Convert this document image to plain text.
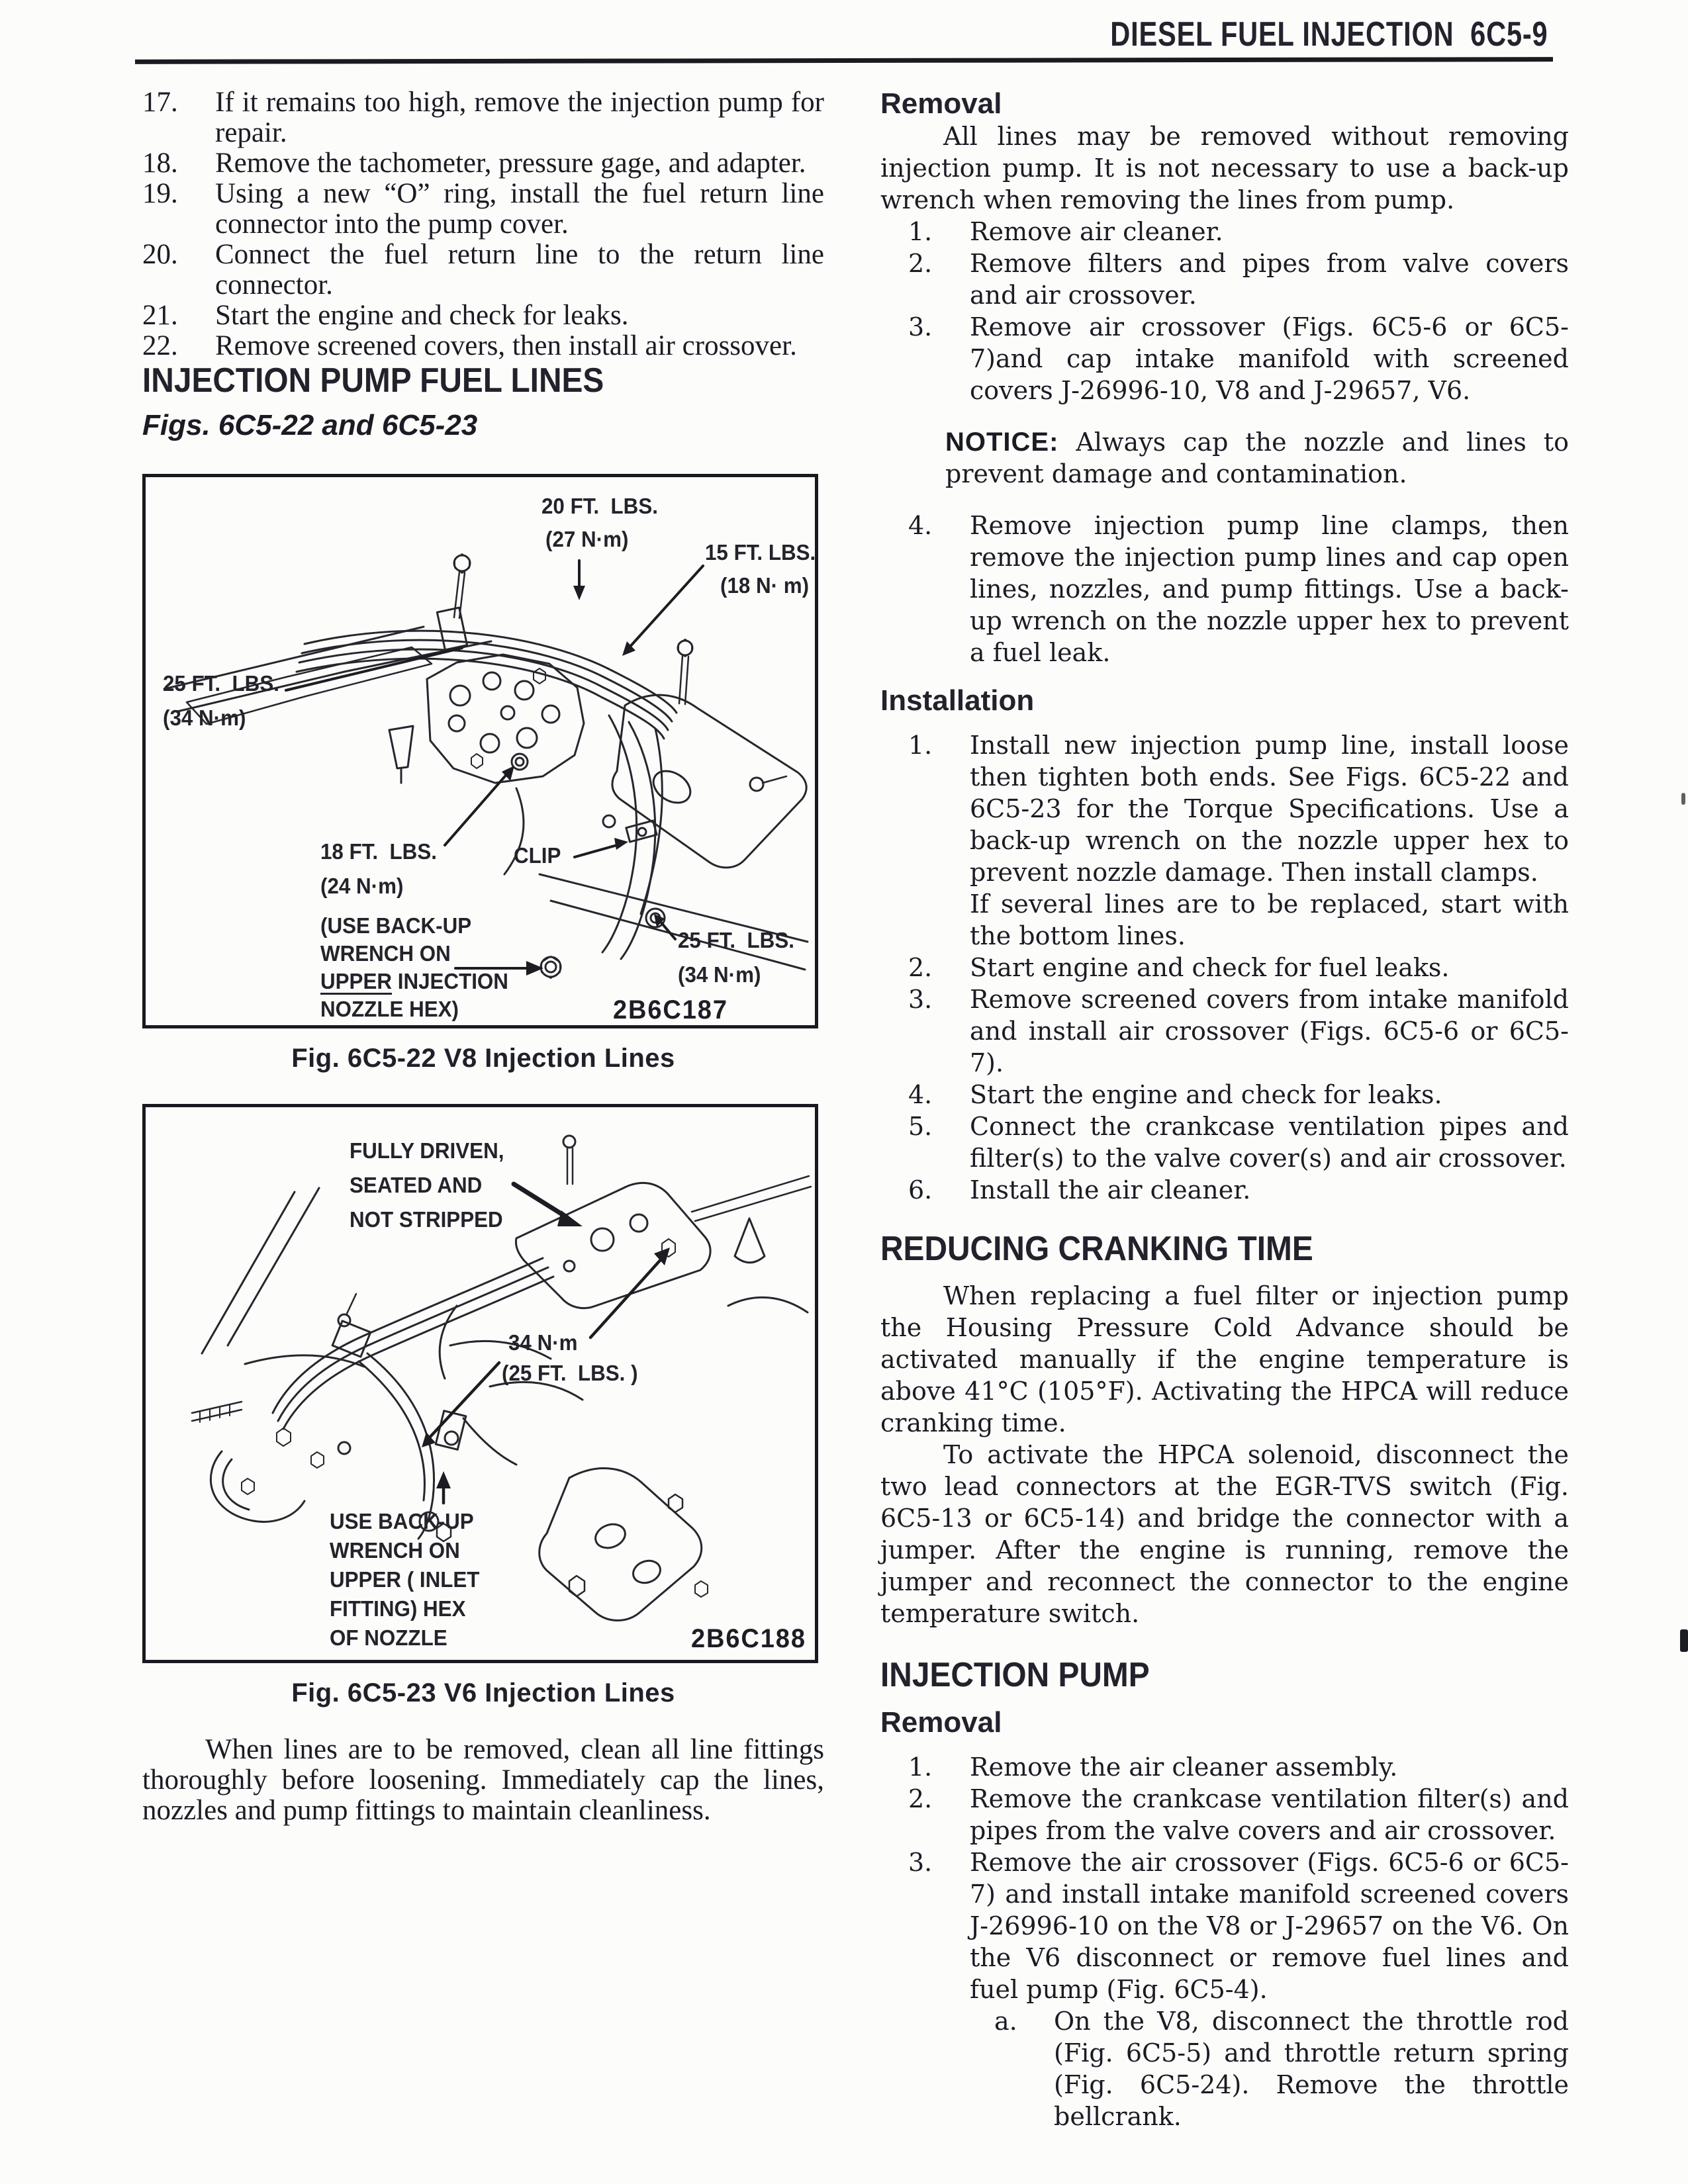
DIESEL FUEL INJECTION  6C5-9
17.	If it remains too high, remove the injection pump for repair.
18.	Remove the tachometer, pressure gage, and adapter.
19.	Using a new “O” ring, install the fuel return line connector into the pump cover.
20.	Connect the fuel return line to the return line connector.
21.	Start the engine and check for leaks.
22.	Remove screened covers, then install air crossover.
INJECTION PUMP FUEL LINES
Figs. 6C5-22 and 6C5-23
20 FT.  LBS.
(27 N·m)
15 FT. LBS.
(18 N· m)
25 FT.  LBS.
(34 N·m)
18 FT.  LBS.
(24 N·m)
CLIP
25 FT.  LBS.
(34 N·m)
(USE BACK-UP
WRENCH ON
UPPER INJECTION
NOZZLE HEX)	2B6C187
Fig. 6C5-22 V8 Injection Lines
FULLY DRIVEN,
SEATED AND
NOT STRIPPED
34 N·m
(25 FT.  LBS. )
USE BACK-UP
WRENCH ON
UPPER ( INLET
FITTING) HEX
OF NOZZLE	2B6C188
Fig. 6C5-23 V6 Injection Lines

When lines are to be removed, clean all line fittings thoroughly before loosening. Immediately cap the lines, nozzles and pump fittings to maintain cleanliness.

Removal

All lines may be removed without removing injection pump. It is not necessary to use a back-up wrench when removing the lines from pump.

1.	Remove air cleaner.
2.	Remove filters and pipes from valve covers and air crossover.
3.	Remove air crossover (Figs. 6C5-6 or 6C5-7)and cap intake manifold with screened covers J-26996-10, V8 and J-29657, V6.
NOTICE: Always cap the nozzle and lines to prevent damage and contamination.
4.	Remove injection pump line clamps, then remove the injection pump lines and cap open lines, nozzles, and pump fittings. Use a back-up wrench on the nozzle upper hex to prevent a fuel leak.
Installation
1.	Install new injection pump line, install loose then tighten both ends. See Figs. 6C5-22 and 6C5-23 for the Torque Specifications. Use a back-up wrench on the nozzle upper hex to prevent nozzle damage. Then install clamps.
If several lines are to be replaced, start with the bottom lines.
2.	Start engine and check for fuel leaks.
3.	Remove screened covers from intake manifold and install air crossover (Figs. 6C5-6 or 6C5-7).
4.	Start the engine and check for leaks.
5.	Connect the crankcase ventilation pipes and filter(s) to the valve cover(s) and air crossover.
6.	Install the air cleaner.
REDUCING CRANKING TIME

When replacing a fuel filter or injection pump the Housing Pressure Cold Advance should be activated manually if the engine temperature is above 41°C (105°F). Activating the HPCA will reduce cranking time.

To activate the HPCA solenoid, disconnect the two lead connectors at the EGR-TVS switch (Fig. 6C5-13 or 6C5-14) and bridge the connector with a jumper. After the engine is running, remove the jumper and reconnect the connector to the engine temperature switch.

INJECTION PUMP
Removal
1.	Remove the air cleaner assembly.
2.	Remove the crankcase ventilation filter(s) and pipes from the valve covers and air crossover.
3.	Remove the air crossover (Figs. 6C5-6 or 6C5-7) and install intake manifold screened covers J-26996-10 on the V8 or J-29657 on the V6. On the V6 disconnect or remove fuel lines and fuel pump (Fig. 6C5-4).
a.	On the V8, disconnect the throttle rod (Fig. 6C5-5) and throttle return spring (Fig. 6C5-24). Remove the throttle bellcrank.
